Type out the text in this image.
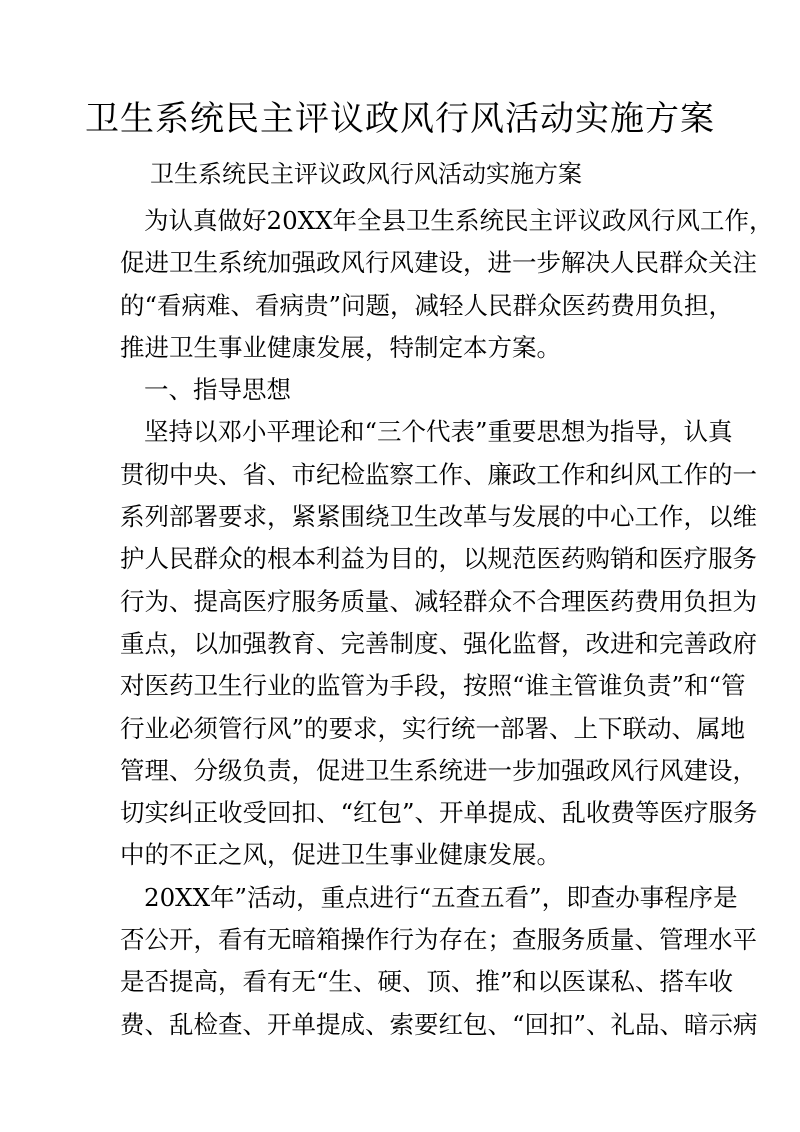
卫生系统民主评议政风行风活动实施方案
卫生系统民主评议政风行风活动实施方案
为认真做好20XX年全县卫生系统民主评议政风行风工作，
促进卫生系统加强政风行风建设，进一步解决人民群众关注
的“看病难、看病贵”问题，减轻人民群众医药费用负担，
推进卫生事业健康发展，特制定本方案。
一、指导思想
坚持以邓小平理论和“三个代表”重要思想为指导，认真
贯彻中央、省、市纪检监察工作、廉政工作和纠风工作的一
系列部署要求，紧紧围绕卫生改革与发展的中心工作，以维
护人民群众的根本利益为目的，以规范医药购销和医疗服务
行为、提高医疗服务质量、减轻群众不合理医药费用负担为
重点，以加强教育、完善制度、强化监督，改进和完善政府
对医药卫生行业的监管为手段，按照“谁主管谁负责”和“管
行业必须管行风”的要求，实行统一部署、上下联动、属地
管理、分级负责，促进卫生系统进一步加强政风行风建设，
切实纠正收受回扣、“红包”、开单提成、乱收费等医疗服务
中的不正之风，促进卫生事业健康发展。
20XX年”活动，重点进行“五查五看”，即查办事程序是
否公开，看有无暗箱操作行为存在；查服务质量、管理水平
是否提高，看有无“生、硬、顶、推”和以医谋私、搭车收
费、乱检查、开单提成、索要红包、“回扣”、礼品、暗示病
